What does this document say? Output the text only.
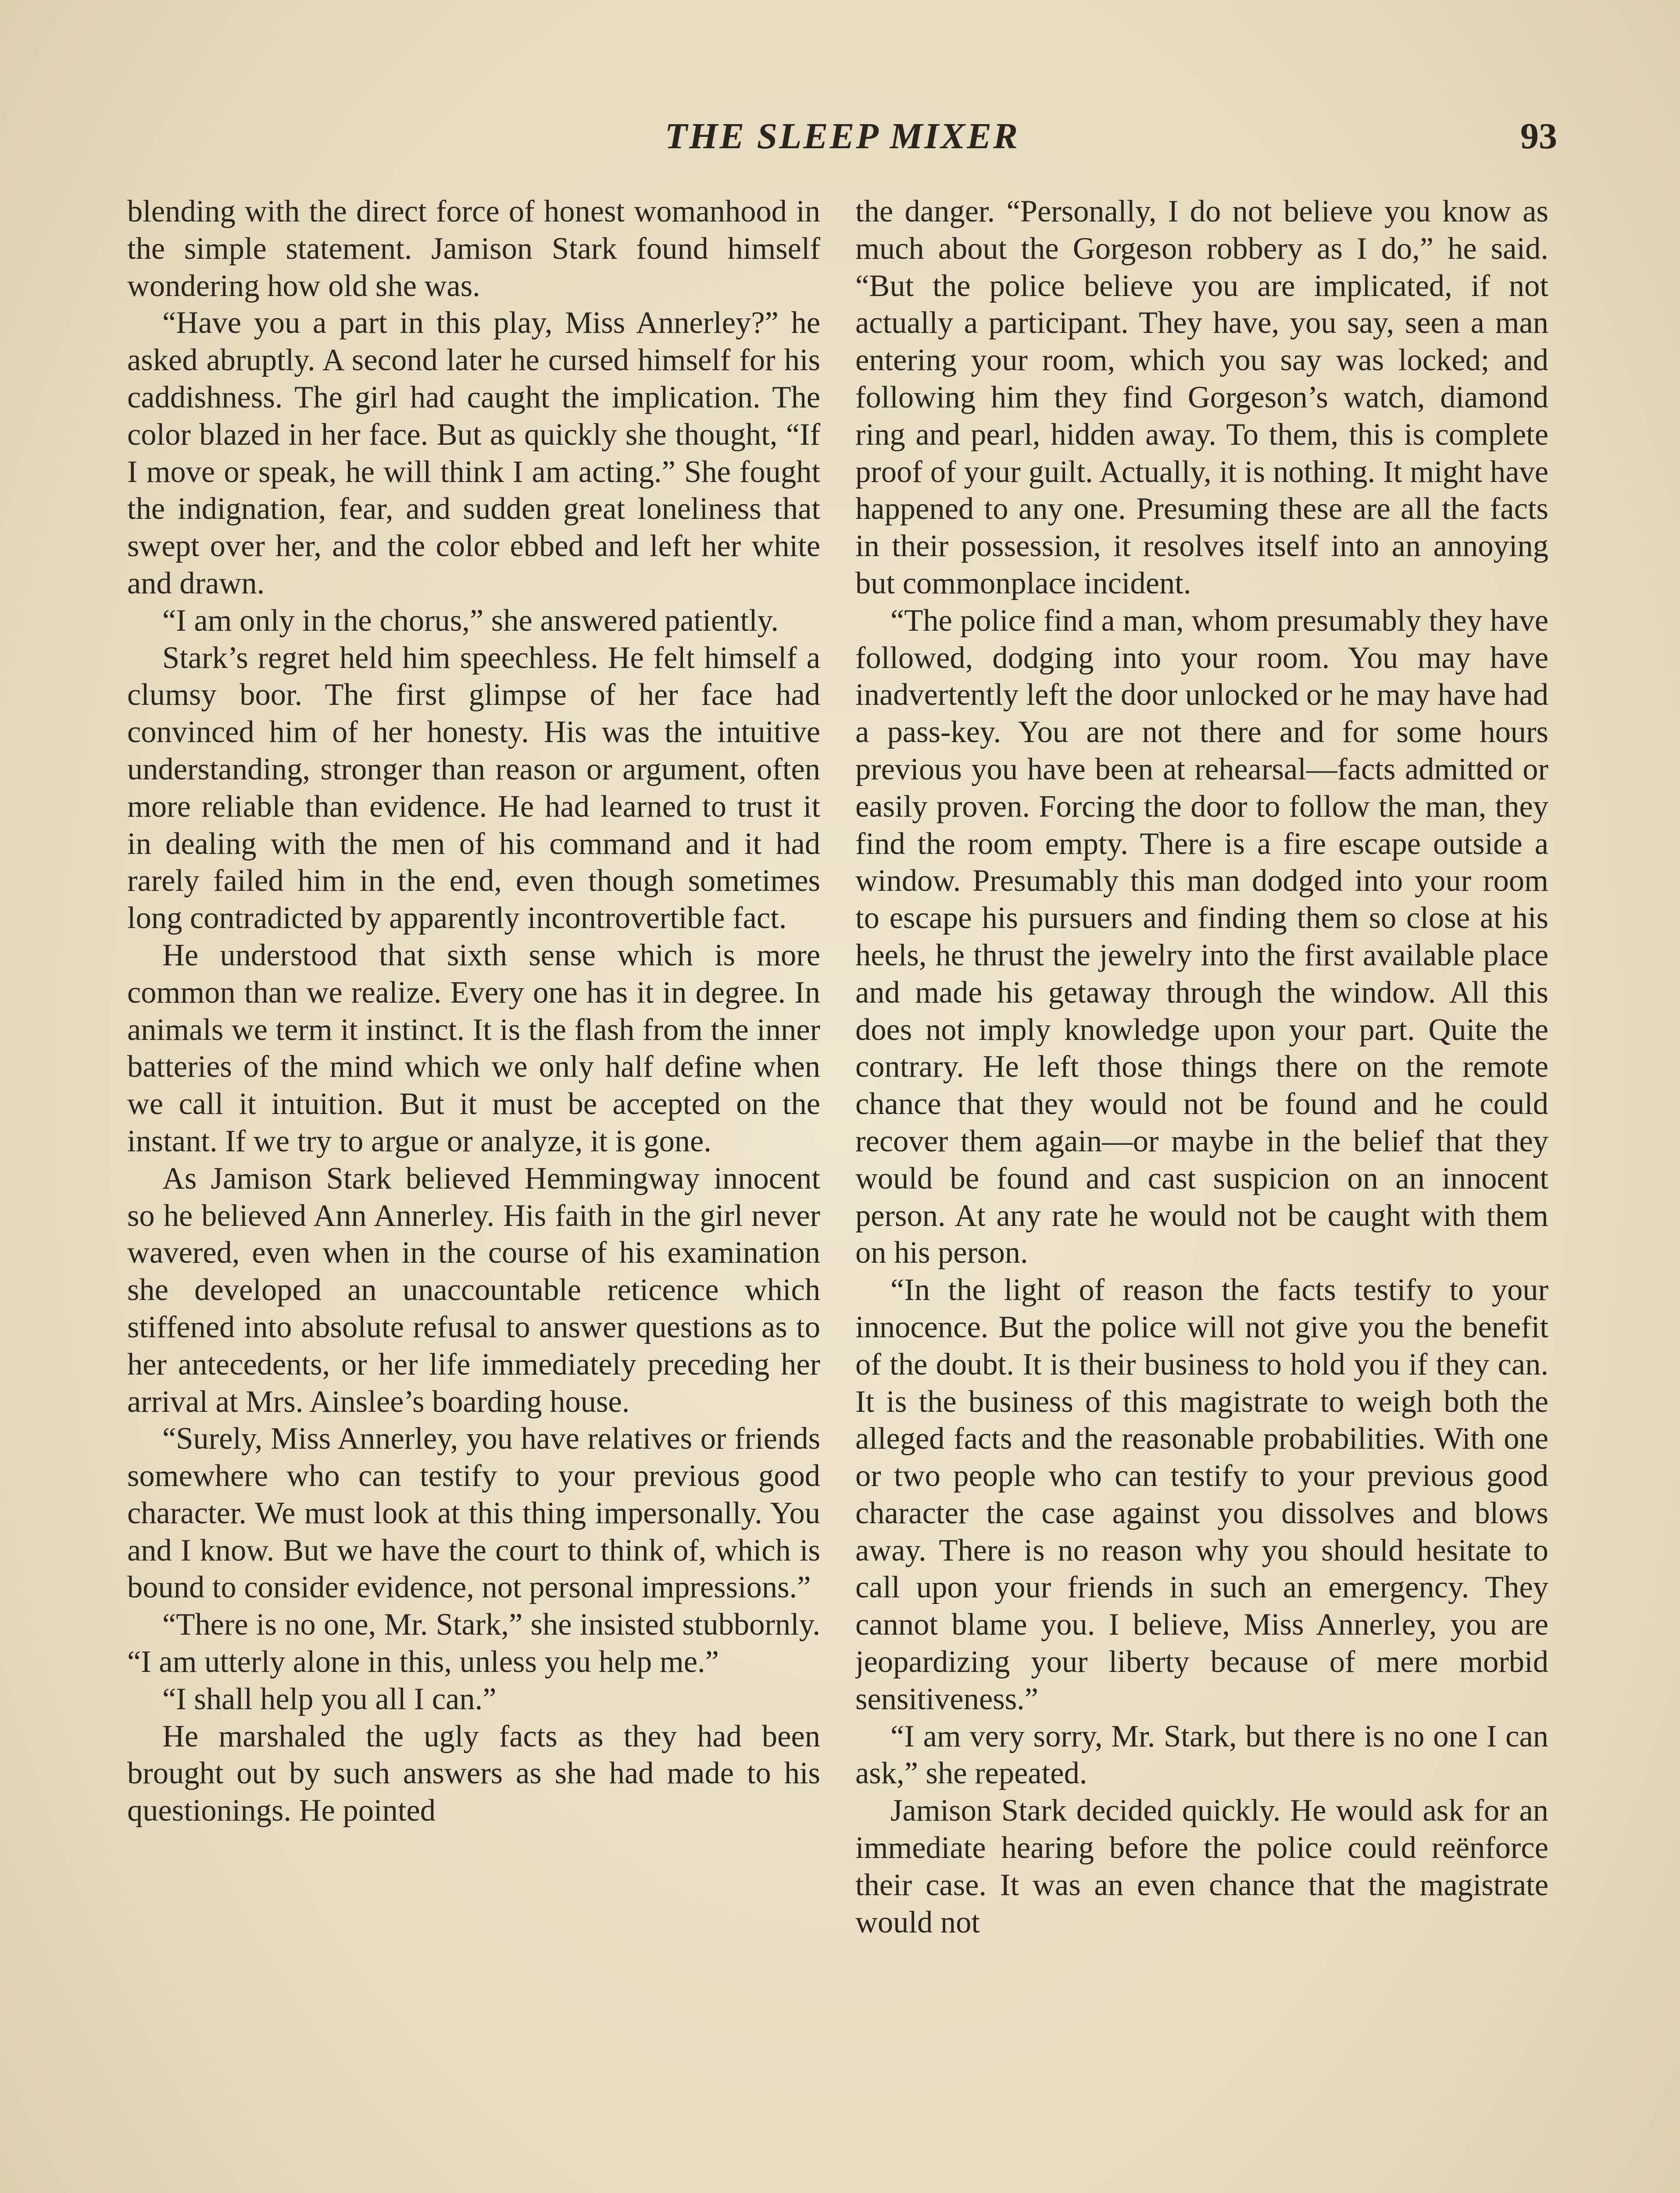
THE SLEEP MIXER	93

blending with the direct force of honest womanhood in the simple statement. Jamison Stark found himself wondering how old she was.

“Have you a part in this play, Miss Annerley?” he asked abruptly. A second later he cursed himself for his caddishness. The girl had caught the implication. The color blazed in her face. But as quickly she thought, “If I move or speak, he will think I am acting.” She fought the indignation, fear, and sudden great loneliness that swept over her, and the color ebbed and left her white and drawn.

“I am only in the chorus,” she answered patiently.

Stark’s regret held him speechless. He felt himself a clumsy boor. The first glimpse of her face had convinced him of her honesty. His was the intuitive understanding, stronger than reason or argument, often more reliable than evidence. He had learned to trust it in dealing with the men of his command and it had rarely failed him in the end, even though sometimes long contradicted by apparently incontrovertible fact.

He understood that sixth sense which is more common than we realize. Every one has it in degree. In animals we term it instinct. It is the flash from the inner batteries of the mind which we only half define when we call it intuition. But it must be accepted on the instant. If we try to argue or analyze, it is gone.

As Jamison Stark believed Hemmingway innocent so he believed Ann Annerley. His faith in the girl never wavered, even when in the course of his examination she developed an unaccountable reticence which stiffened into absolute refusal to answer questions as to her antecedents, or her life immediately preceding her arrival at Mrs. Ainslee’s boarding house.

“Surely, Miss Annerley, you have relatives or friends somewhere who can testify to your previous good character. We must look at this thing impersonally. You and I know. But we have the court to think of, which is bound to consider evidence, not personal impressions.”

“There is no one, Mr. Stark,” she insisted stubbornly. “I am utterly alone in this, unless you help me.”

“I shall help you all I can.”

He marshaled the ugly facts as they had been brought out by such answers as she had made to his questionings. He pointed

the danger. “Personally, I do not believe you know as much about the Gorgeson robbery as I do,” he said. “But the police believe you are implicated, if not actually a participant. They have, you say, seen a man entering your room, which you say was locked; and following him they find Gorgeson’s watch, diamond ring and pearl, hidden away. To them, this is complete proof of your guilt. Actually, it is nothing. It might have happened to any one. Presuming these are all the facts in their possession, it resolves itself into an annoying but commonplace incident.

“The police find a man, whom presumably they have followed, dodging into your room. You may have inadvertently left the door unlocked or he may have had a pass-key. You are not there and for some hours previous you have been at rehearsal—facts admitted or easily proven. Forcing the door to follow the man, they find the room empty. There is a fire escape outside a window. Presumably this man dodged into your room to escape his pursuers and finding them so close at his heels, he thrust the jewelry into the first available place and made his getaway through the window. All this does not imply knowledge upon your part. Quite the contrary. He left those things there on the remote chance that they would not be found and he could recover them again—or maybe in the belief that they would be found and cast suspicion on an innocent person. At any rate he would not be caught with them on his person.

“In the light of reason the facts testify to your innocence. But the police will not give you the benefit of the doubt. It is their business to hold you if they can. It is the business of this magistrate to weigh both the alleged facts and the reasonable probabilities. With one or two people who can testify to your previous good character the case against you dissolves and blows away. There is no reason why you should hesitate to call upon your friends in such an emergency. They cannot blame you. I believe, Miss Annerley, you are jeopardizing your liberty because of mere morbid sensitiveness.”

“I am very sorry, Mr. Stark, but there is no one I can ask,” she repeated.

Jamison Stark decided quickly. He would ask for an immediate hearing before the police could reënforce their case. It was an even chance that the magistrate would not
